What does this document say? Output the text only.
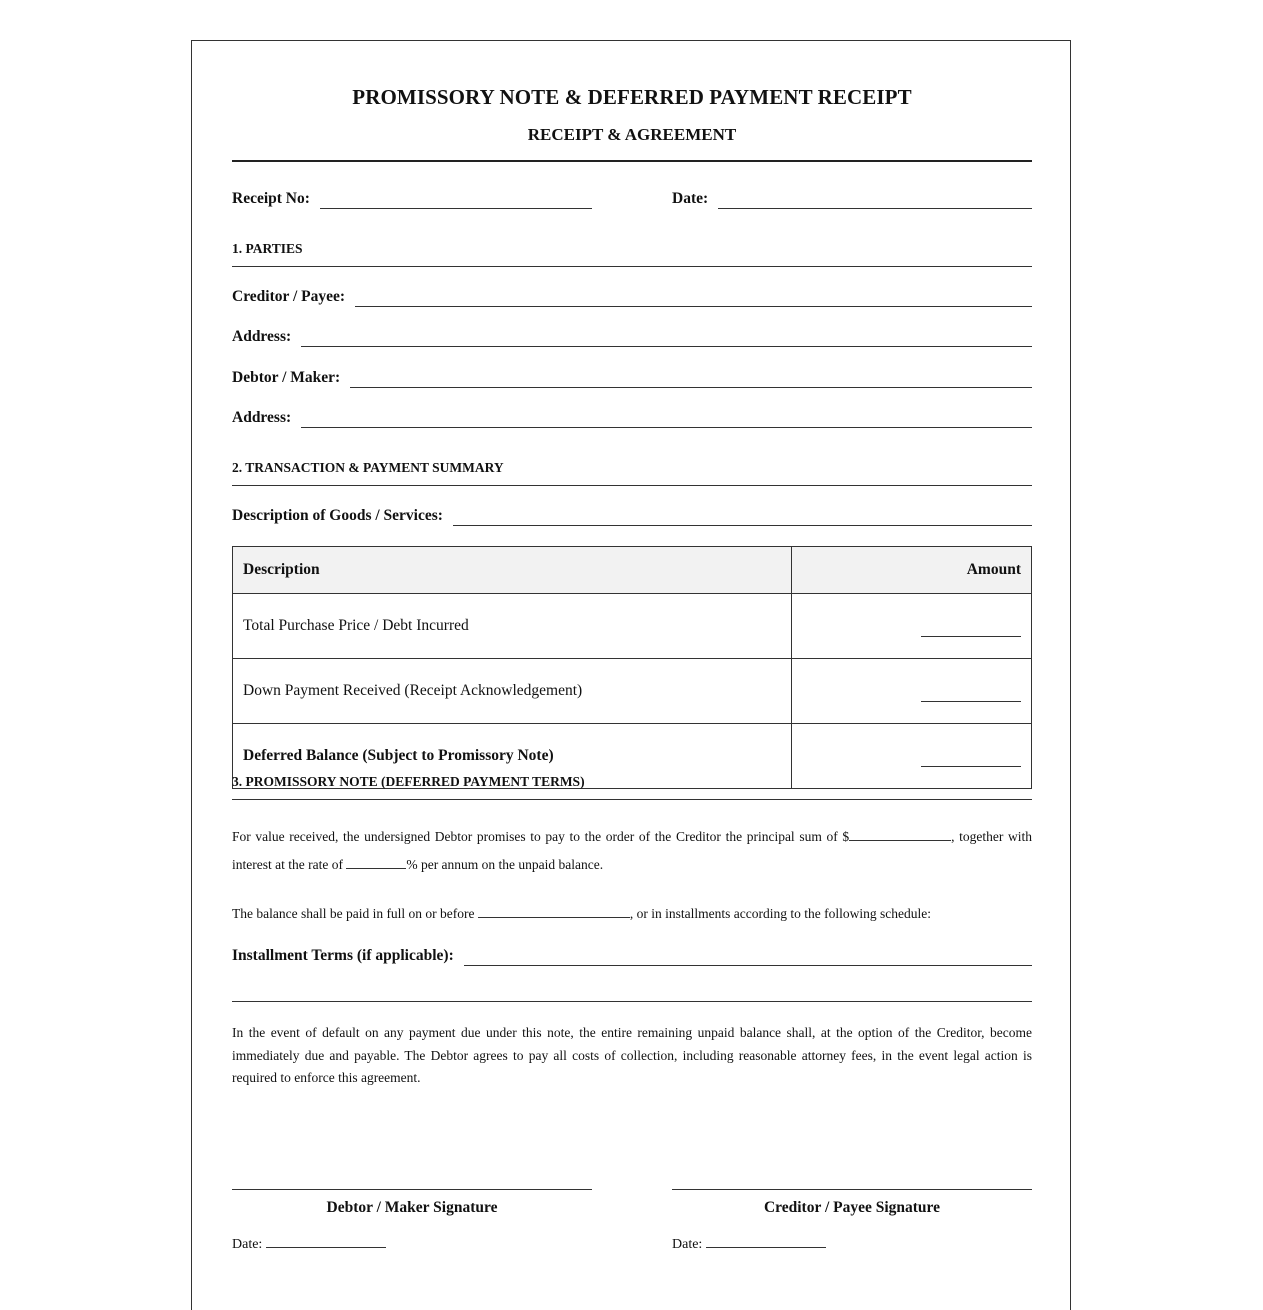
PROMISSORY NOTE & DEFERRED PAYMENT RECEIPT
RECEIPT & AGREEMENT
Receipt No:	Date:
1. PARTIES
Creditor / Payee:
Address:
Debtor / Maker:
Address:
2. TRANSACTION & PAYMENT SUMMARY
Description of Goods / Services:
Description	Amount
Total Purchase Price / Debt Incurred	
Down Payment Received (Receipt Acknowledgement)	
Deferred Balance (Subject to Promissory Note)	
3. PROMISSORY NOTE (DEFERRED PAYMENT TERMS)
For value received, the undersigned Debtor promises to pay to the order of the Creditor the principal sum of $	, together with interest at the rate of	% per annum on the unpaid balance.
The balance shall be paid in full on or before	, or in installments according to the following schedule:
Installment Terms (if applicable):
In the event of default on any payment due under this note, the entire remaining unpaid balance shall, at the option of the Creditor, become immediately due and payable. The Debtor agrees to pay all costs of collection, including reasonable attorney fees, in the event legal action is required to enforce this agreement.
Debtor / Maker Signature
Date:
Creditor / Payee Signature
Date:
